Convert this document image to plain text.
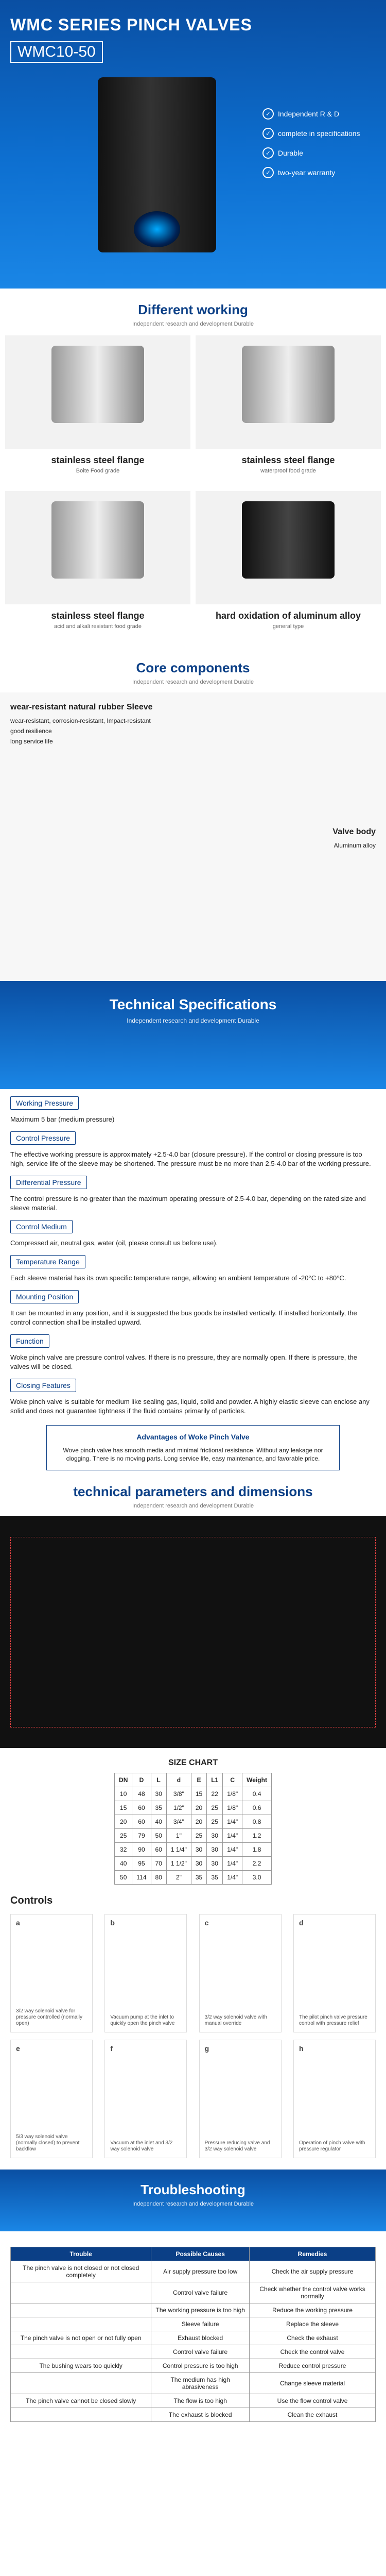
WMC SERIES PINCH VALVES
WMC10-50
✓ Independent R & D
✓ complete in specifications
✓ Durable
✓ two-year warranty
Different working

Independent research and development Durable

stainless steel flange
Boite Food grade
stainless steel flange
waterproof food grade
stainless steel flange
acid and alkali resistant food grade
hard oxidation of aluminum alloy
general type
Core components

Independent research and development Durable

wear-resistant natural rubber Sleeve
wear-resistant, corrosion-resistant, Impact-resistant
good resilience
long service life
Valve body
Aluminum alloy
Technical Specifications

Independent research and development Durable

Working Pressure
Maximum 5 bar (medium pressure)
Control Pressure
The effective working pressure is approximately +2.5-4.0 bar (closure pressure). If the control or closing pressure is too high, service life of the sleeve may be shortened. The pressure must be no more than 2.5-4.0 bar of the working pressure.
Differential Pressure
The control pressure is no greater than the maximum operating pressure of 2.5-4.0 bar, depending on the rated size and sleeve material.
Control Medium
Compressed air, neutral gas, water (oil, please consult us before use).
Temperature Range
Each sleeve material has its own specific temperature range, allowing an ambient temperature of -20°C to +80°C.
Mounting Position
It can be mounted in any position, and it is suggested the bus goods be installed vertically. If installed horizontally, the control connection shall be installed upward.
Function
Woke pinch valve are pressure control valves. If there is no pressure, they are normally open. If there is pressure, the valves will be closed.
Closing Features
Woke pinch valve is suitable for medium like sealing gas, liquid, solid and powder. A highly elastic sleeve can enclose any solid and does not guarantee tightness if the fluid contains primarily of particles.
Advantages of Woke Pinch Valve
Wove pinch valve has smooth media and minimal frictional resistance. Without any leakage nor clogging. There is no moving parts. Long service life, easy maintenance, and favorable price.
technical parameters and dimensions

Independent research and development Durable

SIZE CHART
DN	D	L	d	E	L1	C	Weight
10	48	30	3/8"	15	22	1/8"	0.4
15	60	35	1/2"	20	25	1/8"	0.6
20	60	40	3/4"	20	25	1/4"	0.8
25	79	50	1"	25	30	1/4"	1.2
32	90	60	1 1/4"	30	30	1/4"	1.8
40	95	70	1 1/2"	30	30	1/4"	2.2
50	114	80	2"	35	35	1/4"	3.0
Controls
a
3/2 way solenoid valve for pressure controlled (normally open)
b
Vacuum pump at the inlet to quickly open the pinch valve
c
3/2 way solenoid valve with manual override
d
The pilot pinch valve pressure control with pressure relief
e
5/3 way solenoid valve (normally closed) to prevent backflow
f
Vacuum at the inlet and 3/2 way solenoid valve
g
Pressure reducing valve and 3/2 way solenoid valve
h
Operation of pinch valve with pressure regulator
Troubleshooting

Independent research and development Durable

Trouble	Possible Causes	Remedies
The pinch valve is not closed or not closed completely	Air supply pressure too low	Check the air supply pressure
	Control valve failure	Check whether the control valve works normally
	The working pressure is too high	Reduce the working pressure
	Sleeve failure	Replace the sleeve
The pinch valve is not open or not fully open	Exhaust blocked	Check the exhaust
	Control valve failure	Check the control valve
The bushing wears too quickly	Control pressure is too high	Reduce control pressure
	The medium has high abrasiveness	Change sleeve material
The pinch valve cannot be closed slowly	The flow is too high	Use the flow control valve
	The exhaust is blocked	Clean the exhaust
